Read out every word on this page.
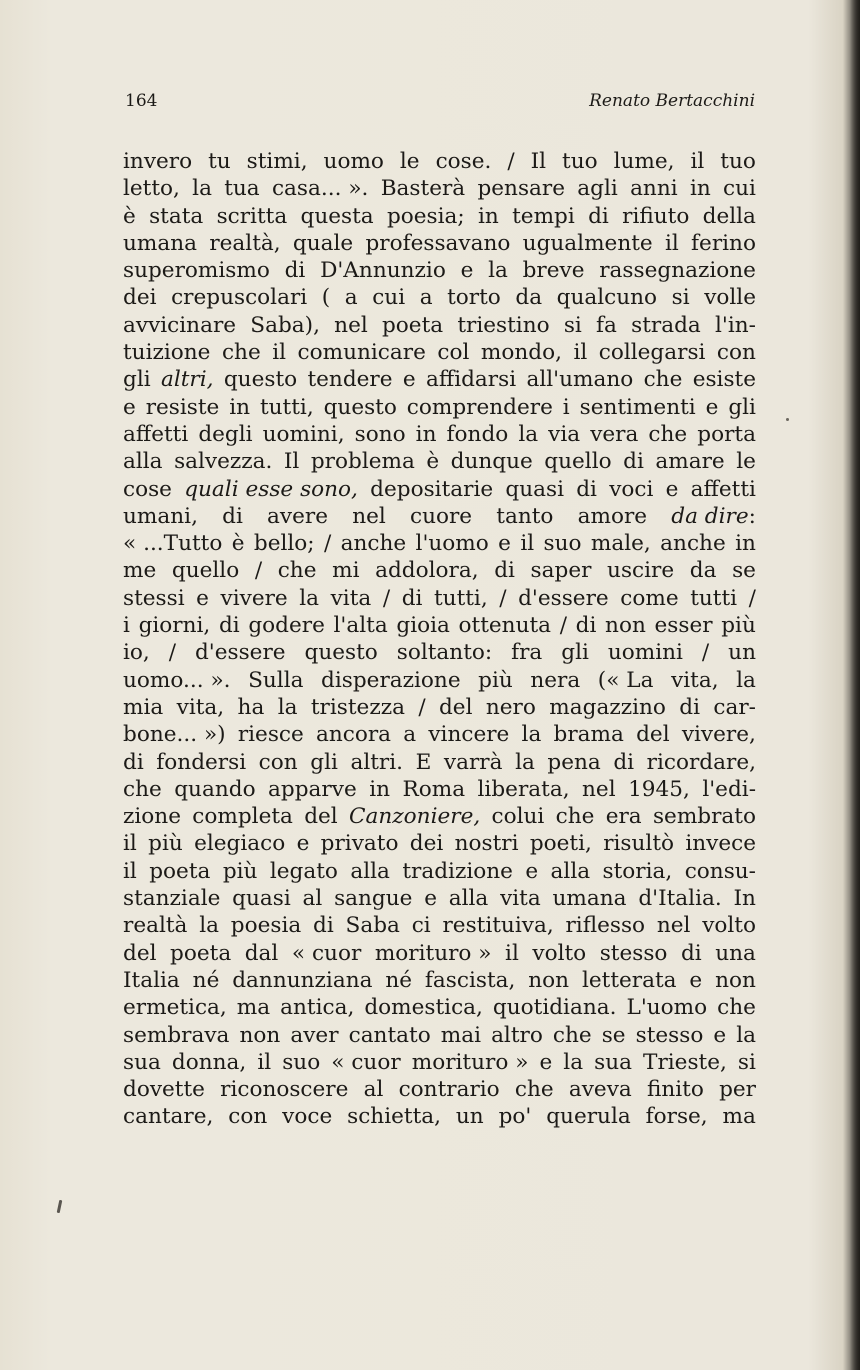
164	Renato Bertacchini
invero tu stimi, uomo le cose. / Il tuo lume, il tuo
letto, la tua casa... ». Basterà pensare agli anni in cui
è stata scritta questa poesia; in tempi di rifiuto della
umana realtà, quale professavano ugualmente il ferino
superomismo di D'Annunzio e la breve rassegnazione
dei crepuscolari ( a cui a torto da qualcuno si volle
avvicinare Saba), nel poeta triestino si fa strada l'in-
tuizione che il comunicare col mondo, il collegarsi con
gli altri, questo tendere e affidarsi all'umano che esiste
e resiste in tutti, questo comprendere i sentimenti e gli
affetti degli uomini, sono in fondo la via vera che porta
alla salvezza. Il problema è dunque quello di amare le
cose quali esse sono, depositarie quasi di voci e affetti
umani, di avere nel cuore tanto amore da dire:
« ...Tutto è bello; / anche l'uomo e il suo male, anche in
me quello / che mi addolora, di saper uscire da se
stessi e vivere la vita / di tutti, / d'essere come tutti /
i giorni, di godere l'alta gioia ottenuta / di non esser più
io, / d'essere questo soltanto: fra gli uomini / un
uomo... ». Sulla disperazione più nera (« La vita, la
mia vita, ha la tristezza / del nero magazzino di car-
bone... ») riesce ancora a vincere la brama del vivere,
di fondersi con gli altri. E varrà la pena di ricordare,
che quando apparve in Roma liberata, nel 1945, l'edi-
zione completa del Canzoniere, colui che era sembrato
il più elegiaco e privato dei nostri poeti, risultò invece
il poeta più legato alla tradizione e alla storia, consu-
stanziale quasi al sangue e alla vita umana d'Italia. In
realtà la poesia di Saba ci restituiva, riflesso nel volto
del poeta dal « cuor morituro » il volto stesso di una
Italia né dannunziana né fascista, non letterata e non
ermetica, ma antica, domestica, quotidiana. L'uomo che
sembrava non aver cantato mai altro che se stesso e la
sua donna, il suo « cuor morituro » e la sua Trieste, si
dovette riconoscere al contrario che aveva finito per
cantare, con voce schietta, un po' querula forse, ma
